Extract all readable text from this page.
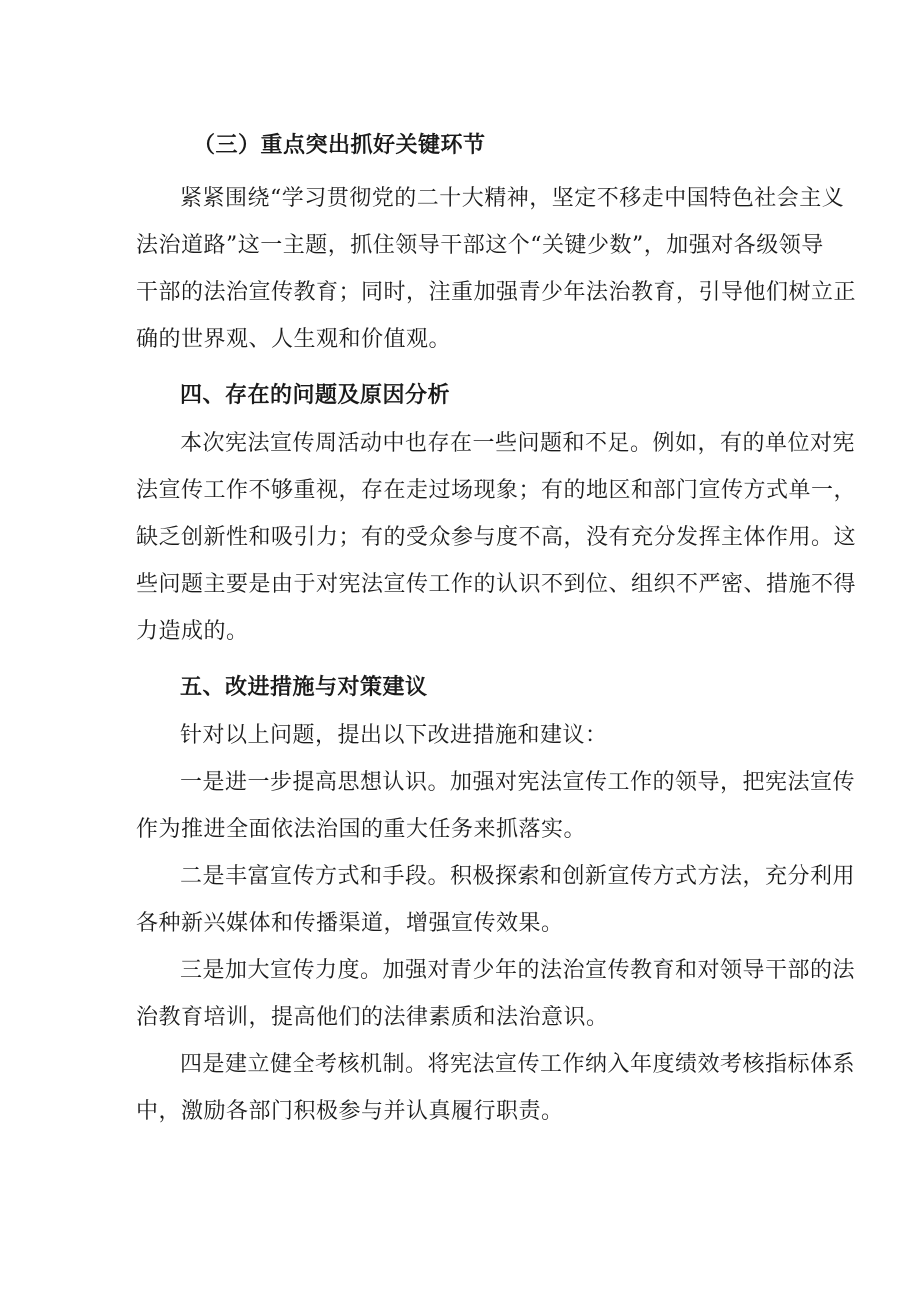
（三）重点突出抓好关键环节

紧紧围绕“学习贯彻党的二十大精神，坚定不移走中国特色社会主义

法治道路”这一主题，抓住领导干部这个“关键少数”，加强对各级领导

干部的法治宣传教育；同时，注重加强青少年法治教育，引导他们树立正

确的世界观、人生观和价值观。

四、存在的问题及原因分析

本次宪法宣传周活动中也存在一些问题和不足。例如，有的单位对宪

法宣传工作不够重视，存在走过场现象；有的地区和部门宣传方式单一，

缺乏创新性和吸引力；有的受众参与度不高，没有充分发挥主体作用。这

些问题主要是由于对宪法宣传工作的认识不到位、组织不严密、措施不得

力造成的。

五、改进措施与对策建议

针对以上问题，提出以下改进措施和建议：

一是进一步提高思想认识。加强对宪法宣传工作的领导，把宪法宣传

作为推进全面依法治国的重大任务来抓落实。

二是丰富宣传方式和手段。积极探索和创新宣传方式方法，充分利用

各种新兴媒体和传播渠道，增强宣传效果。

三是加大宣传力度。加强对青少年的法治宣传教育和对领导干部的法

治教育培训，提高他们的法律素质和法治意识。

四是建立健全考核机制。将宪法宣传工作纳入年度绩效考核指标体系

中，激励各部门积极参与并认真履行职责。
